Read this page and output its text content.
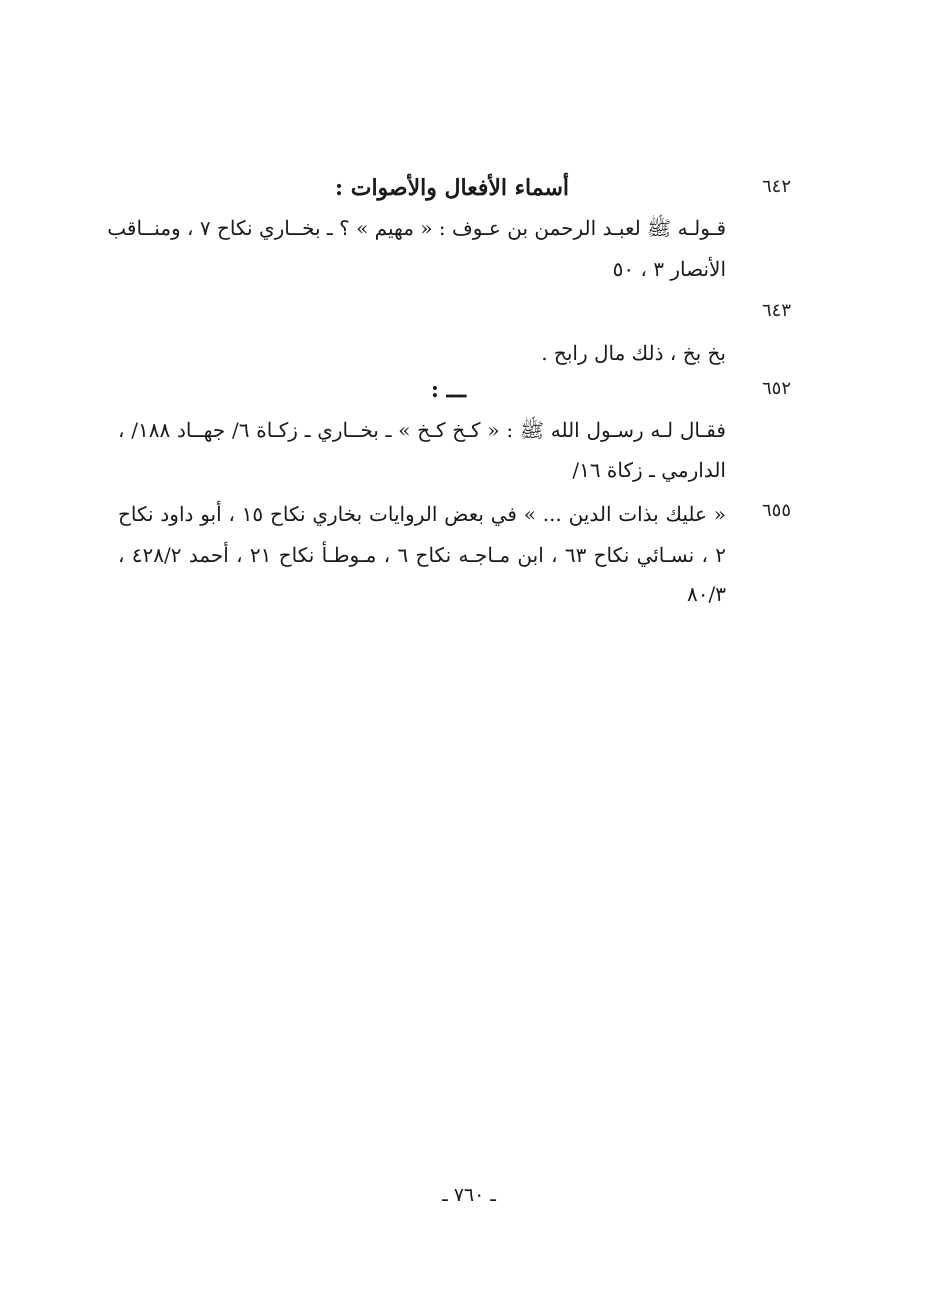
٦٤٢
أسماء الأفعال والأصوات :
قـولـه ﷺ لعبـد الرحمن بن عـوف : « مهيم » ؟ ـ بخــاري نكاح ٧ ، ومنــاقب
الأنصار ٣ ، ٥٠
٦٤٣
بخ بخ ، ذلك مال رابح .
٦٥٢
ـــ :
فقـال لـه رسـول الله ﷺ : « كـخ كـخ » ـ بخــاري ـ زكـاة ٦/ جهــاد ١٨٨/ ،
الدارمي ـ زكاة ١٦/
٦٥٥
« عليك بذات الدين ... » في بعض الروايات بخاري نكاح ١٥ ، أبو داود نكاح
٢ ، نسـائي نكاح ٦٣ ، ابن مـاجـه نكاح ٦ ، مـوطـأ نكاح ٢١ ، أحمد ٤٢٨/٢ ،
٨٠/٣
ـ ٧٦٠ ـ
